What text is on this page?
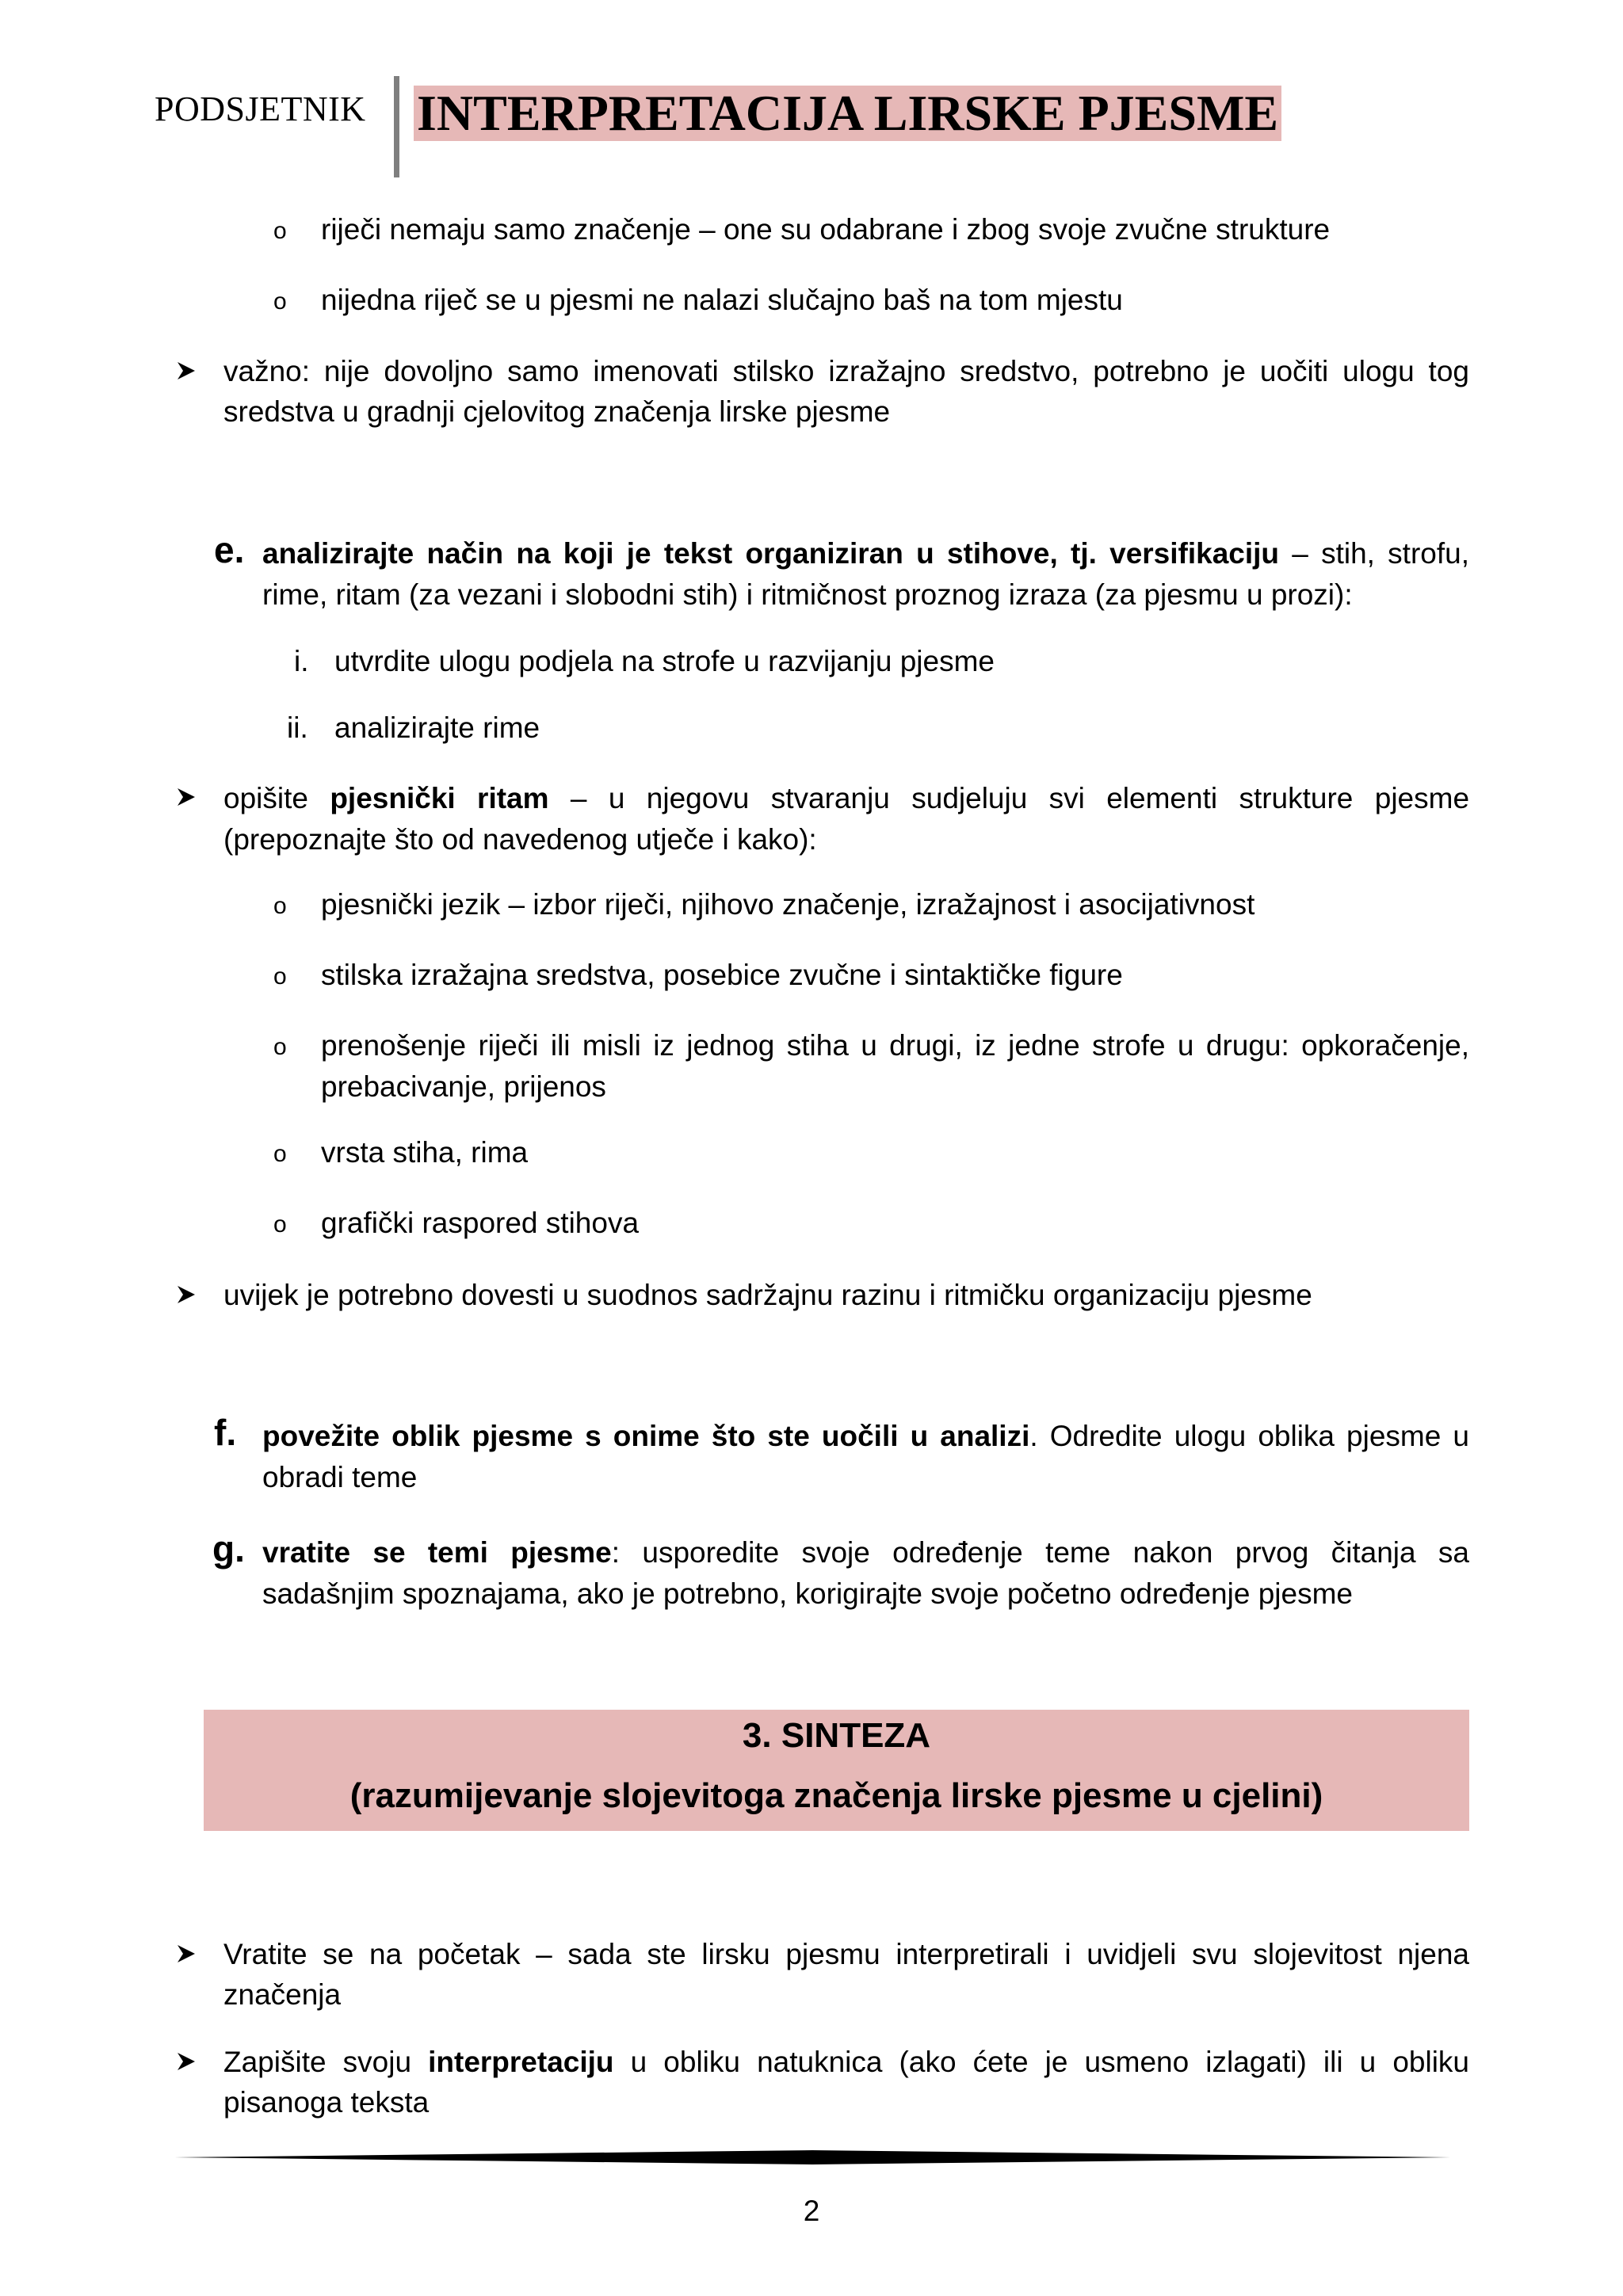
PODSJETNIK INTERPRETACIJA LIRSKE PJESME
o riječi nemaju samo značenje – one su odabrane i zbog svoje zvučne strukture
o nijedna riječ se u pjesmi ne nalazi slučajno baš na tom mjestu
važno: nije dovoljno samo imenovati stilsko izražajno sredstvo, potrebno je uočiti ulogu tog
sredstva u gradnji cjelovitog značenja lirske pjesme
e. analizirajte način na koji je tekst organiziran u stihove, tj. versifikaciju – stih, strofu,
rime, ritam (za vezani i slobodni stih) i ritmičnost proznog izraza (za pjesmu u prozi):
i. utvrdite ulogu podjela na strofe u razvijanju pjesme
ii. analizirajte rime
opišite pjesnički ritam – u njegovu stvaranju sudjeluju svi elementi strukture pjesme
(prepoznajte što od navedenog utječe i kako):
o pjesnički jezik – izbor riječi, njihovo značenje, izražajnost i asocijativnost
o stilska izražajna sredstva, posebice zvučne i sintaktičke figure
o prenošenje riječi ili misli iz jednog stiha u drugi, iz jedne strofe u drugu: opkoračenje,
prebacivanje, prijenos
o vrsta stiha, rima
o grafički raspored stihova
uvijek je potrebno dovesti u suodnos sadržajnu razinu i ritmičku organizaciju pjesme
f. povežite oblik pjesme s onime što ste uočili u analizi. Odredite ulogu oblika pjesme u
obradi teme
g. vratite se temi pjesme: usporedite svoje određenje teme nakon prvog čitanja sa
sadašnjim spoznajama, ako je potrebno, korigirajte svoje početno određenje pjesme
3. SINTEZA
(razumijevanje slojevitoga značenja lirske pjesme u cjelini)
Vratite se na početak – sada ste lirsku pjesmu interpretirali i uvidjeli svu slojevitost njena
značenja
Zapišite svoju interpretaciju u obliku natuknica (ako ćete je usmeno izlagati) ili u obliku
pisanoga teksta
2
